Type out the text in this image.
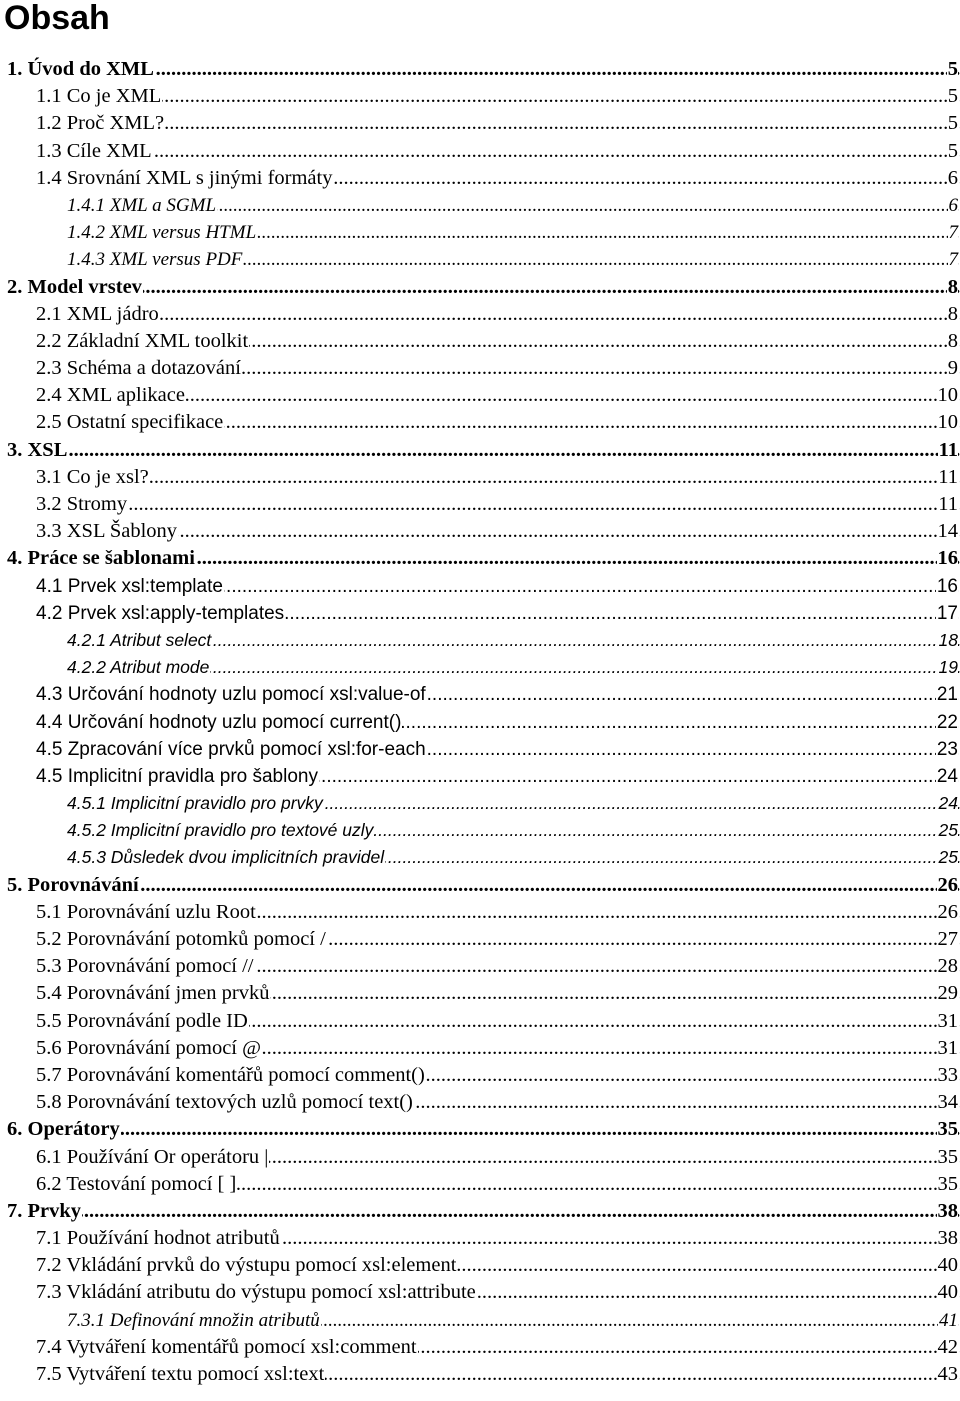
Obsah
.....
1. Úvod do XML	5
.....
1.1 Co je XML	5
.....
1.2 Proč XML?	5
.....
1.3 Cíle XML	5
.....
1.4 Srovnání XML s jinými formáty	6
.....
1.4.1 XML a SGML	6
.....
1.4.2 XML versus HTML	7
.....
1.4.3 XML versus PDF	7
.....
2. Model vrstev	8
.....
2.1 XML jádro	8
.....
2.2 Základní XML toolkit	8
.....
2.3 Schéma a dotazování	9
.....
2.4 XML aplikace	10
.....
2.5 Ostatní specifikace	10
.....
3. XSL	11
.....
3.1 Co je xsl?	11
.....
3.2 Stromy	11
.....
3.3 XSL Šablony	14
.....
4. Práce se šablonami	16
.....
4.1 Prvek xsl:template	16
.....
4.2 Prvek xsl:apply-templates	17
.....
4.2.1 Atribut select	18
.....
4.2.2 Atribut mode	19
.....
4.3 Určování hodnoty uzlu pomocí xsl:value-of	21
.....
4.4 Určování hodnoty uzlu pomocí current()	22
.....
4.5 Zpracování více prvků pomocí xsl:for-each	23
.....
4.5 Implicitní pravidla pro šablony	24
.....
4.5.1 Implicitní pravidlo pro prvky	24
.....
4.5.2 Implicitní pravidlo pro textové uzly	25
.....
4.5.3 Důsledek dvou implicitních pravidel	25
.....
5. Porovnávání	26
.....
5.1 Porovnávání uzlu Root	26
.....
5.2 Porovnávání potomků pomocí /	27
.....
5.3 Porovnávání pomocí //	28
.....
5.4 Porovnávání jmen prvků	29
.....
5.5 Porovnávání podle ID	31
.....
5.6 Porovnávání pomocí @	31
.....
5.7 Porovnávání komentářů pomocí comment()	33
.....
5.8 Porovnávání textových uzlů pomocí text()	34
.....
6. Operátory	35
.....
6.1 Používání Or operátoru |	35
.....
6.2 Testování pomocí [ ]	35
.....
7. Prvky	38
.....
7.1 Používání hodnot atributů	38
.....
7.2 Vkládání prvků do výstupu pomocí xsl:element	40
.....
7.3 Vkládání atributu do výstupu pomocí xsl:attribute	40
.....
7.3.1 Definování množin atributů	41
.....
7.4 Vytváření komentářů pomocí xsl:comment	42
.....
7.5 Vytváření textu pomocí xsl:text	43
